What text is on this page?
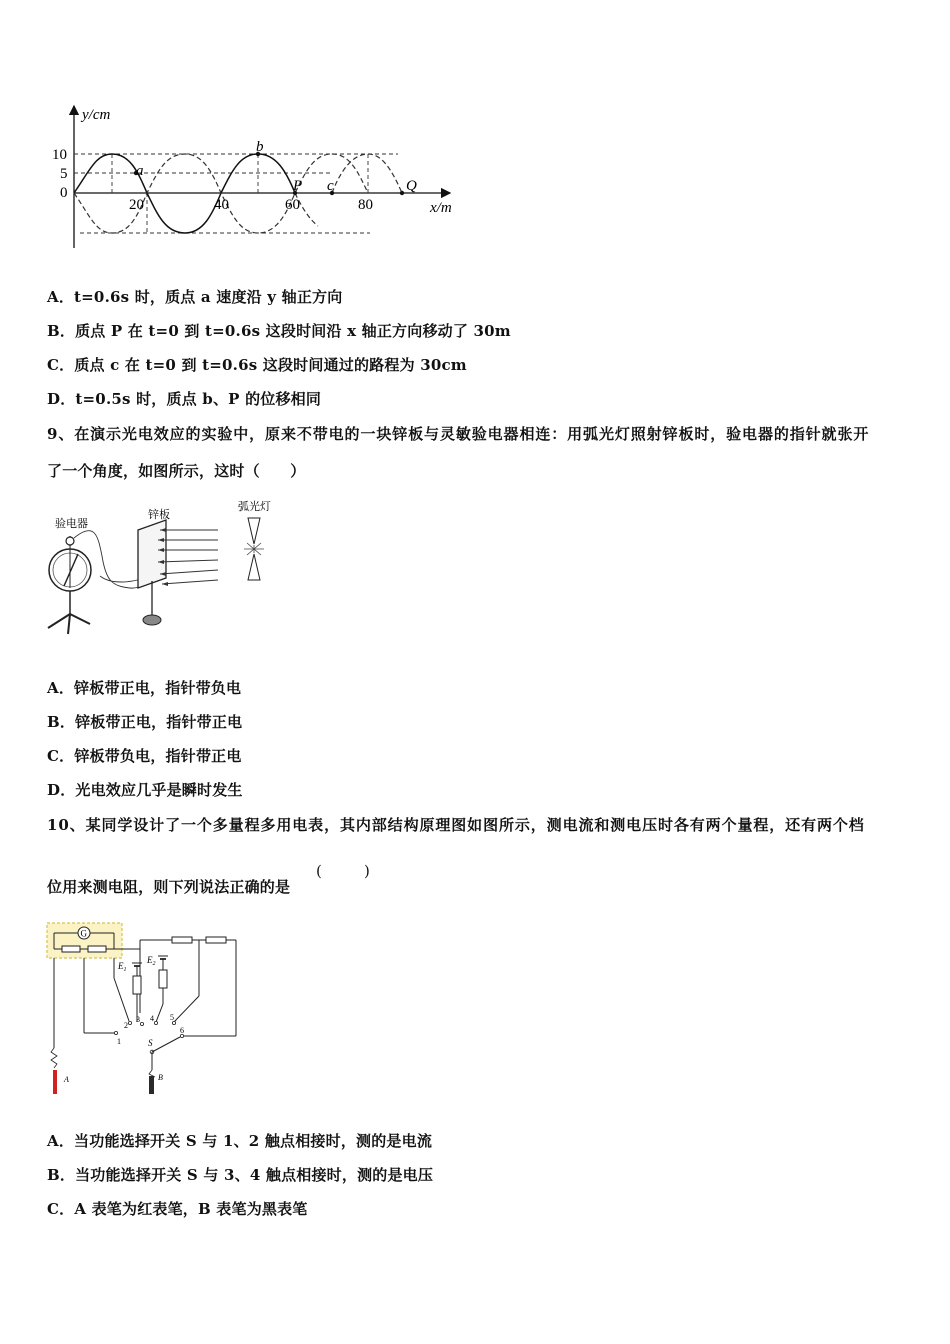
y/cm
x/m
10
5
0
20	40	60	80
a
b
P c	Q
A．t=0.6s 时，质点 a 速度沿 y 轴正方向
B．质点 P 在 t=0 到 t=0.6s 这段时间沿 x 轴正方向移动了 30m
C．质点 c 在 t=0 到 t=0.6s 这段时间通过的路程为 30cm
D．t=0.5s 时，质点 b、P 的位移相同
9、在演示光电效应的实验中，原来不带电的一块锌板与灵敏验电器相连：用弧光灯照射锌板时，验电器的指针就张开
了一个角度，如图所示，这时（　　）
验电器
锌板
弧光灯
A．锌板带正电，指针带负电
B．锌板带正电，指针带正电
C．锌板带负电，指针带正电
D．光电效应几乎是瞬时发生
10、某同学设计了一个多量程多用电表，其内部结构原理图如图所示，测电流和测电压时各有两个量程，还有两个档
位用来测电阻，则下列说法正确的是
(	)
G
$E_1$
$E_2$
1
2
3 4 5
6
S
A	B
A．当功能选择开关 S 与 1、2 触点相接时，测的是电流
B．当功能选择开关 S 与 3、4 触点相接时，测的是电压
C．A 表笔为红表笔，B 表笔为黑表笔
